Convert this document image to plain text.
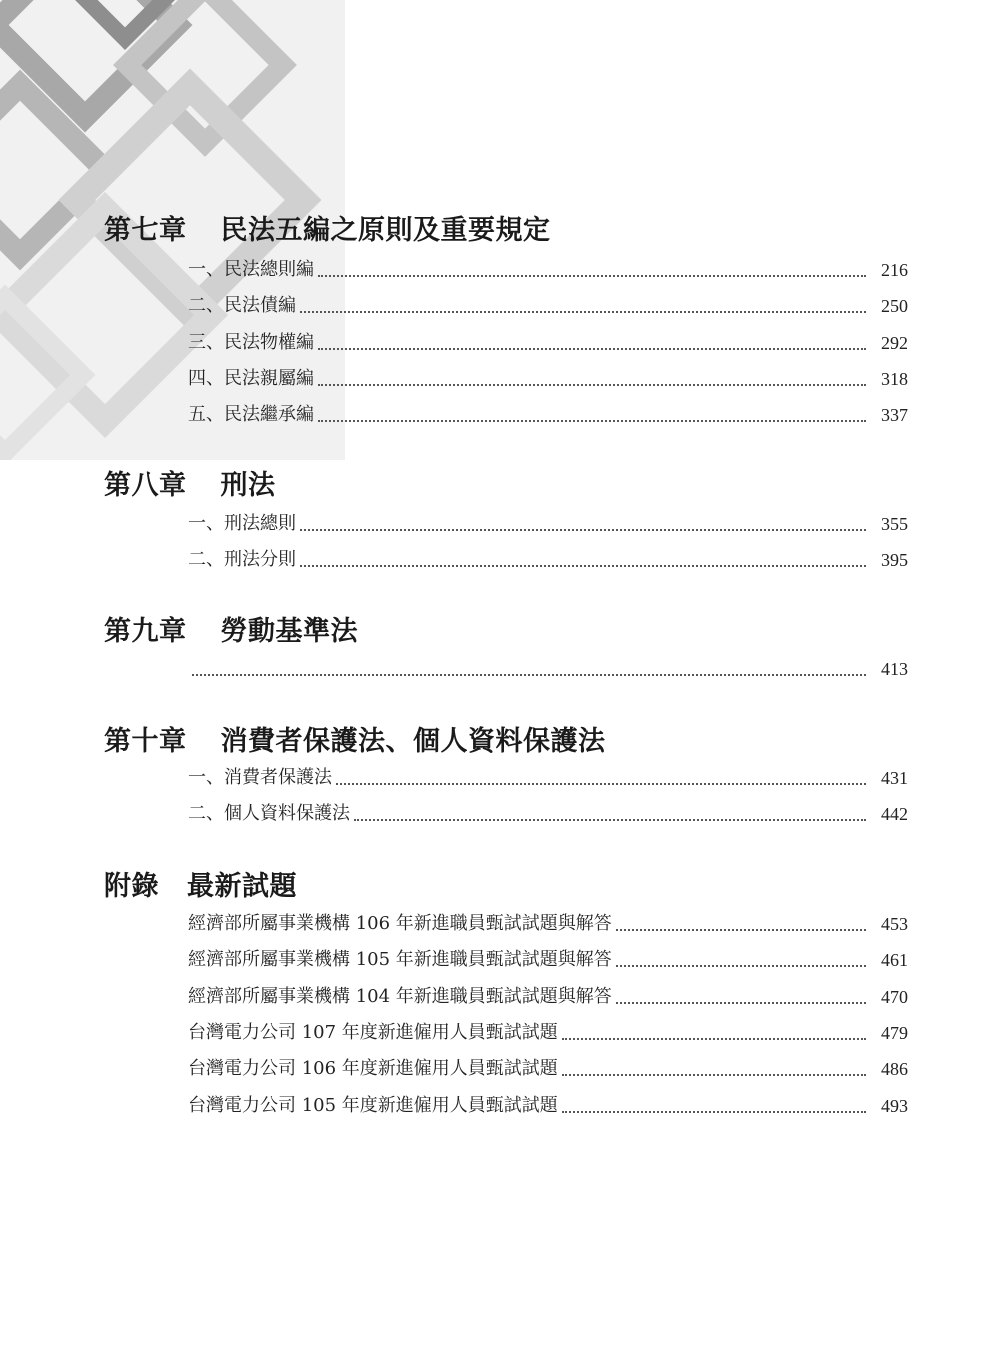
第七章 民法五編之原則及重要規定
一、民法總則編	216
二、民法債編	250
三、民法物權編	292
四、民法親屬編	318
五、民法繼承編	337
第八章 刑法
一、刑法總則	355
二、刑法分則	395
第九章 勞動基準法
413
第十章 消費者保護法、個人資料保護法
一、消費者保護法	431
二、個人資料保護法	442
附錄 最新試題
經濟部所屬事業機構 106 年新進職員甄試試題與解答	453
經濟部所屬事業機構 105 年新進職員甄試試題與解答	461
經濟部所屬事業機構 104 年新進職員甄試試題與解答	470
台灣電力公司 107 年度新進僱用人員甄試試題	479
台灣電力公司 106 年度新進僱用人員甄試試題	486
台灣電力公司 105 年度新進僱用人員甄試試題	493
